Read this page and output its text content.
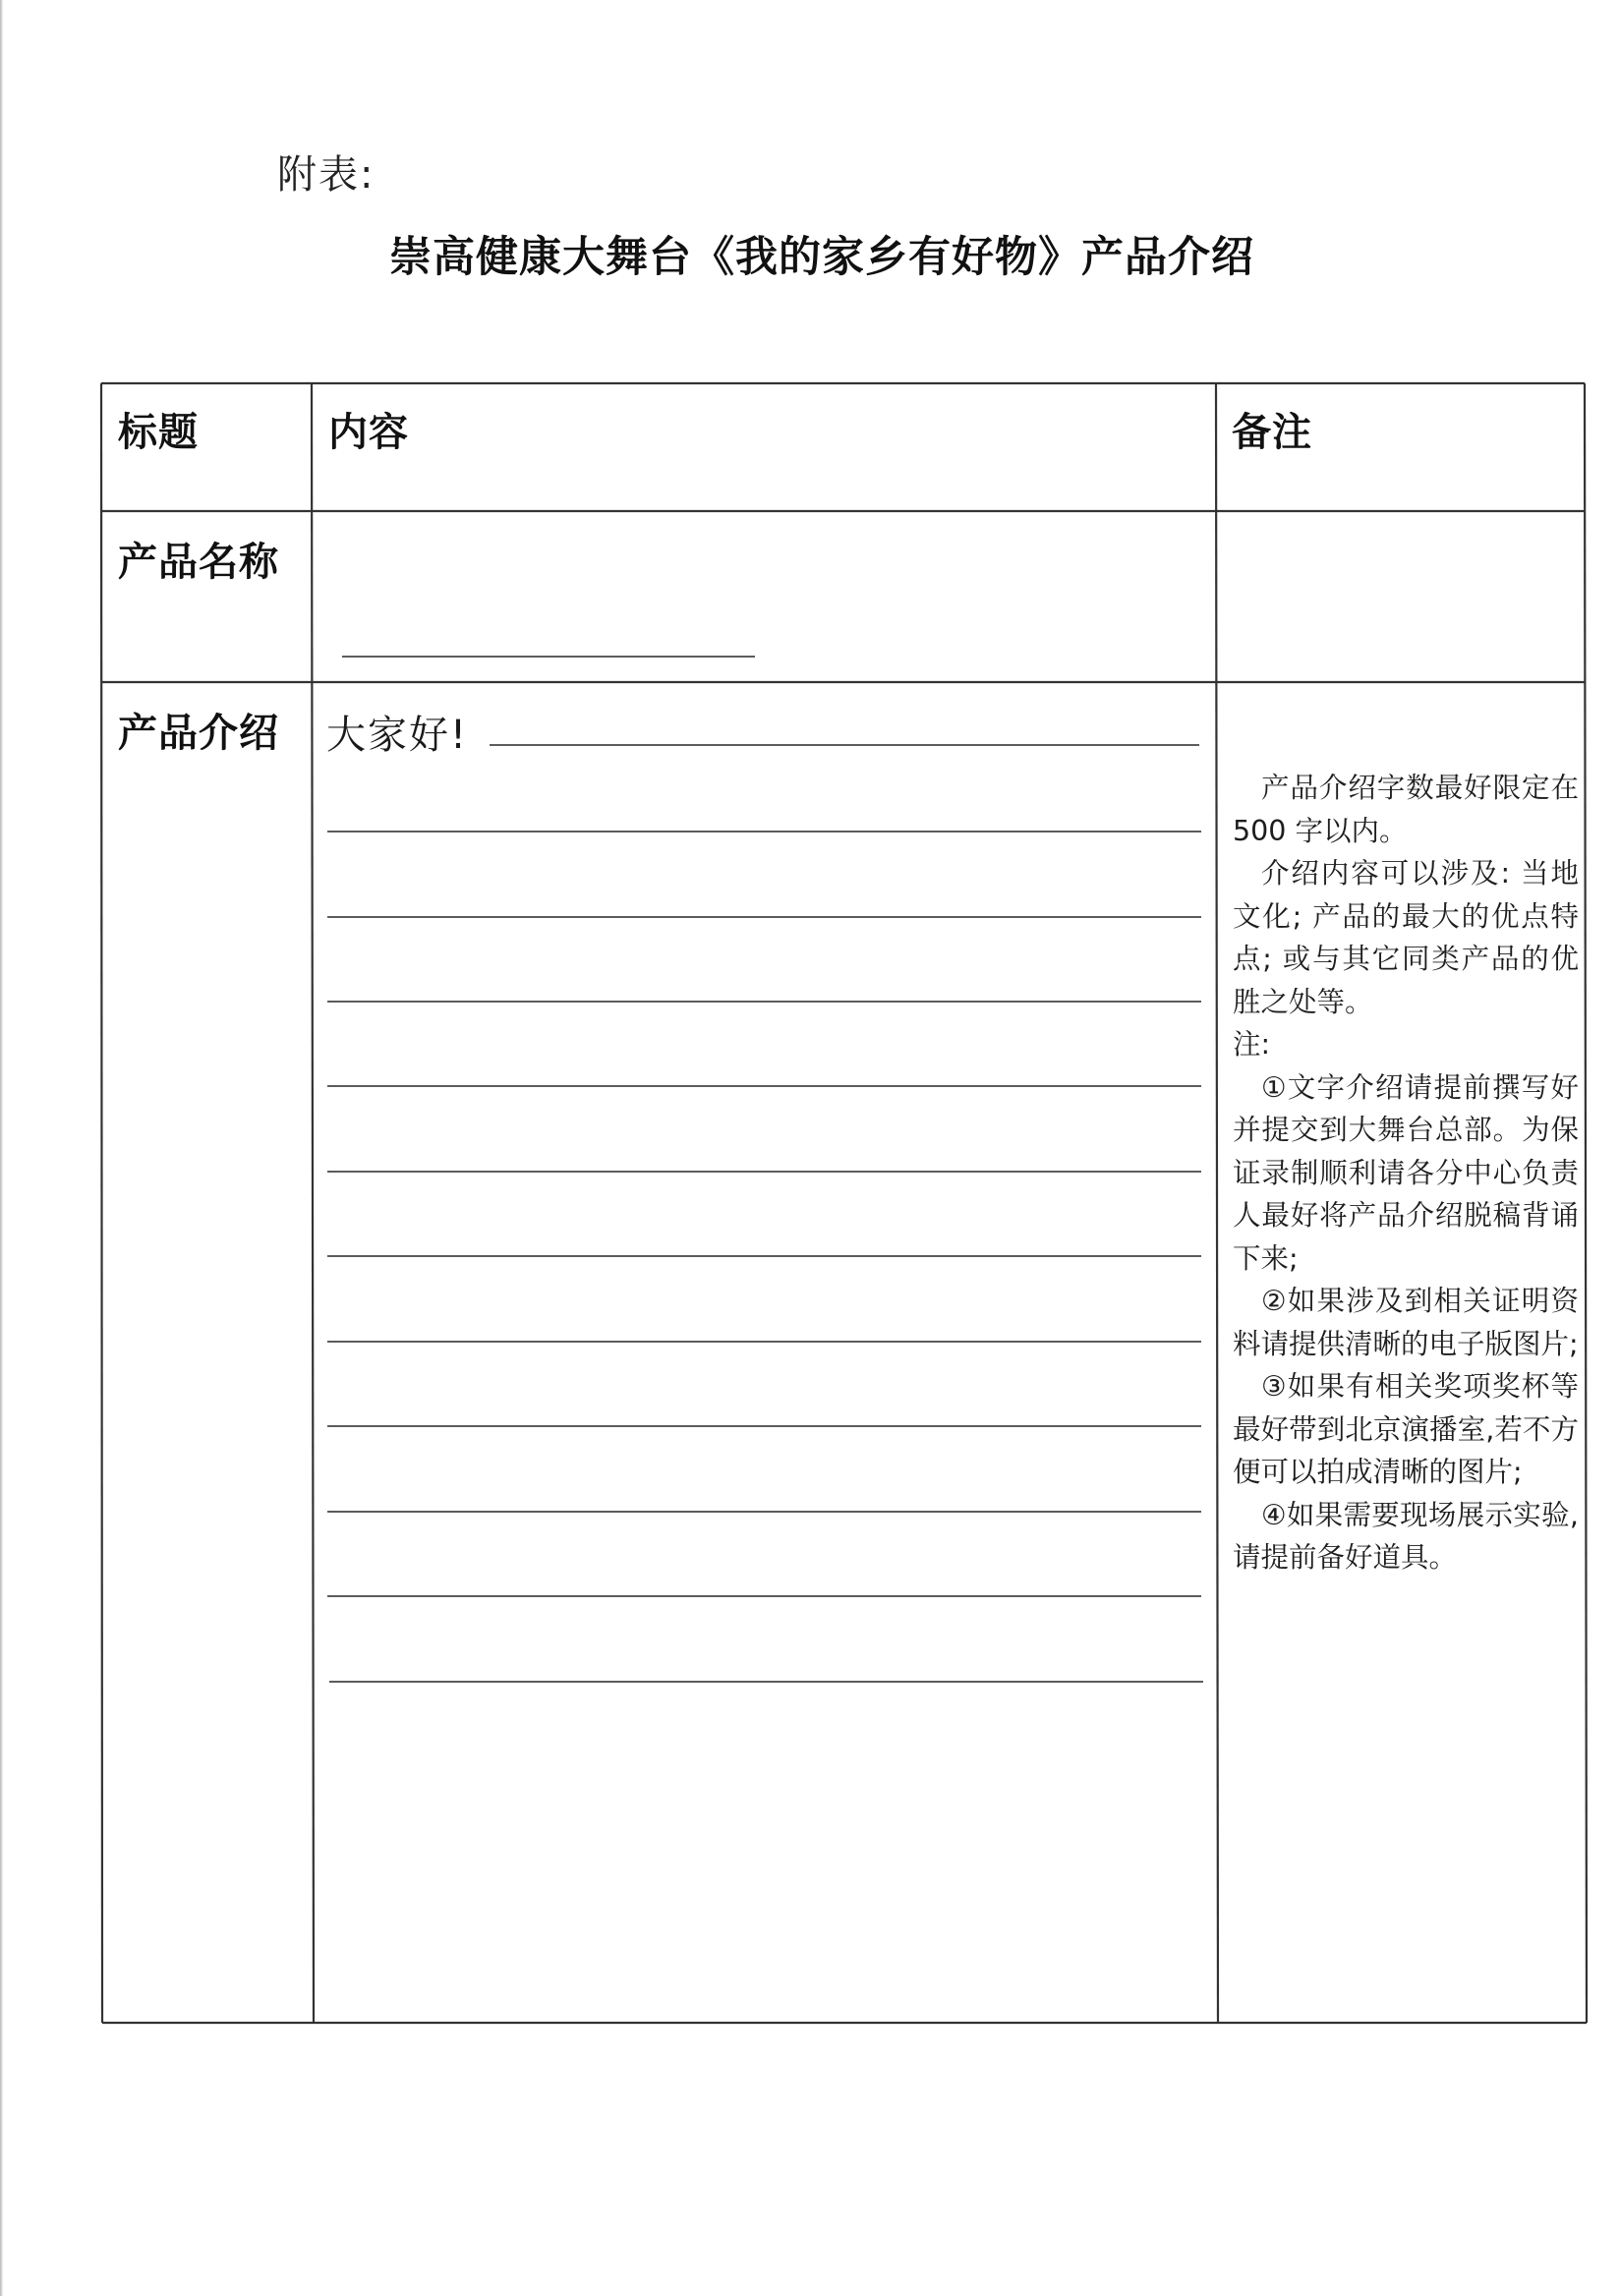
附表:
崇高健康大舞台《我的家乡有好物》产品介绍
标题	内容	备注
产品名称
产品介绍 大家好!

产品介绍字数最好限定在 500 字以内。

介绍内容可以涉及: 当地文化; 产品的最大的优点特点; 或与其它同类产品的优胜之处等。

注:

①文字介绍请提前撰写好并提交到大舞台总部。为保证录制顺利请各分中心负责人最好将产品介绍脱稿背诵下来;

②如果涉及到相关证明资料请提供清晰的电子版图片;

③如果有相关奖项奖杯等最好带到北京演播室,若不方便可以拍成清晰的图片;

④如果需要现场展示实验,请提前备好道具。
